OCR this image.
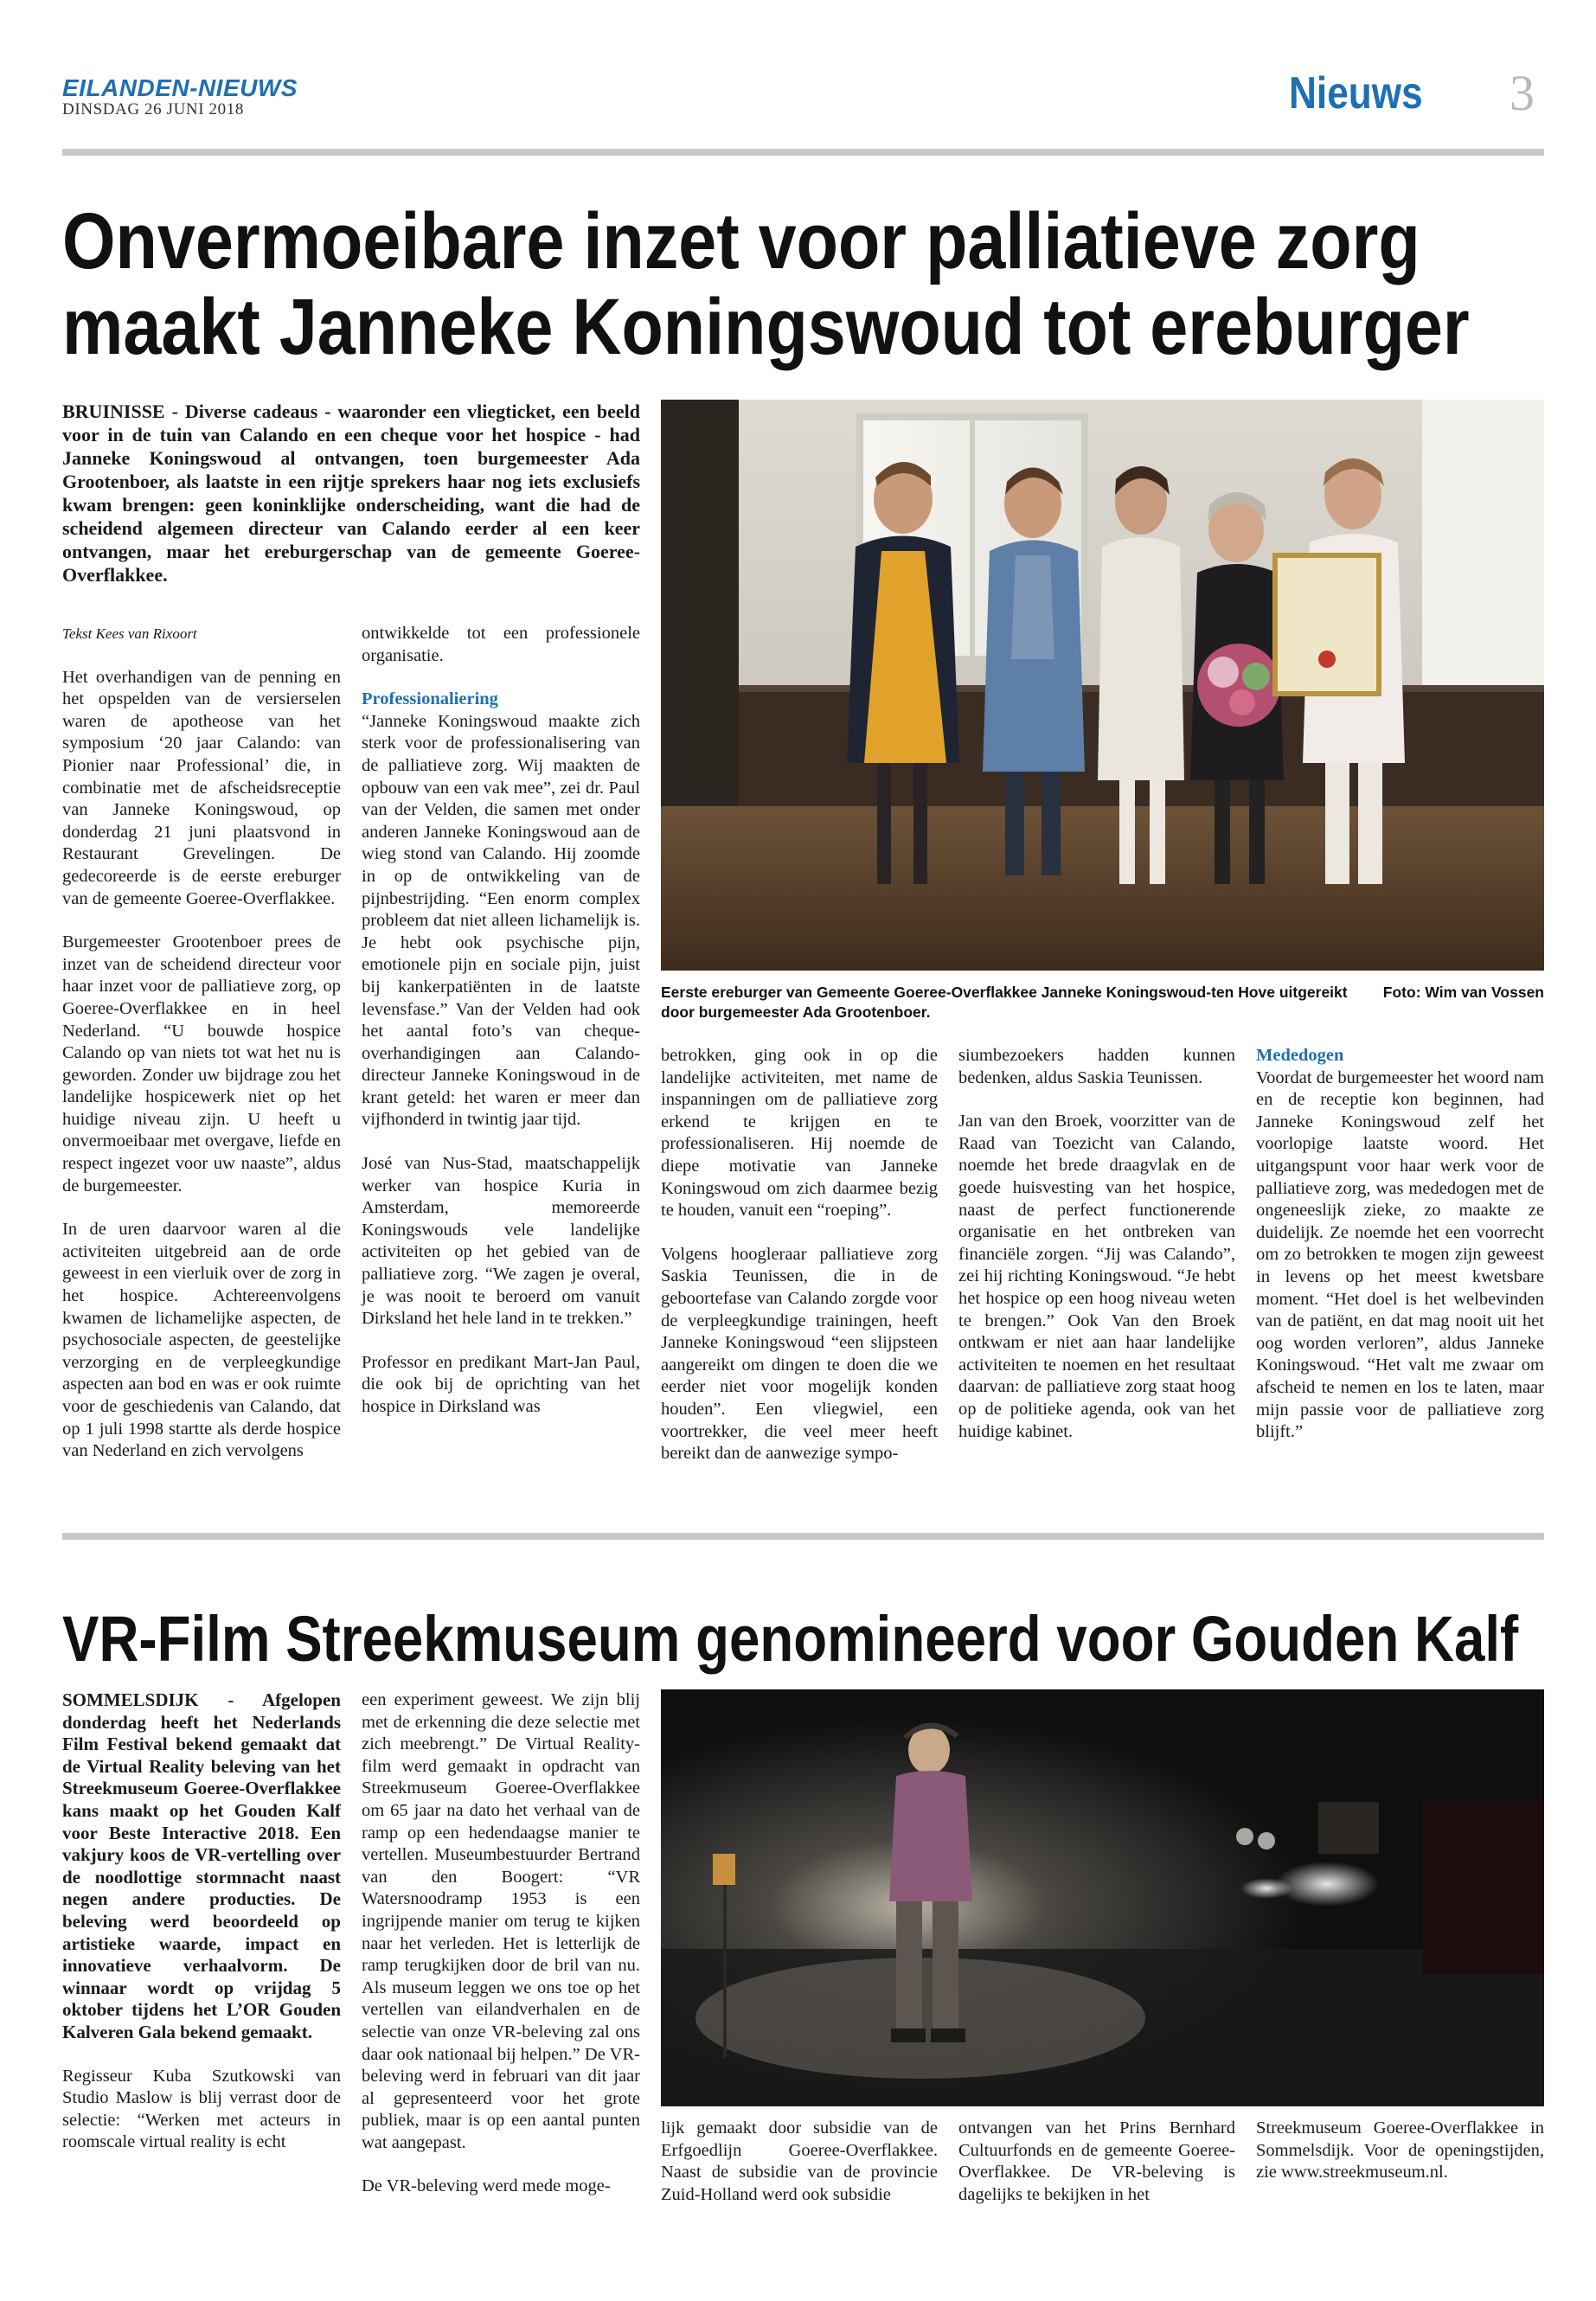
EILANDEN-NIEUWS
DINSDAG 26 JUNI 2018	Nieuws 3
Onvermoeibare inzet voor palliatieve zorg
maakt Janneke Koningswoud tot ereburger
BRUINISSE - Diverse cadeaus - waaronder een vliegticket, een beeld voor in de tuin van Calando en een cheque voor het hospice - had Janneke Koningswoud al ontvangen, toen burgemeester Ada Grootenboer, als laatste in een rijtje sprekers haar nog iets exclusiefs kwam brengen: geen koninklijke onderscheiding, want die had de scheidend algemeen directeur van Calando eerder al een keer ontvangen, maar het ereburgerschap van de gemeente Goeree-Overflakkee.

Tekst Kees van Rixoort

Het overhandigen van de penning en het opspelden van de versierselen waren de apotheose van het symposium ‘20 jaar Calando: van Pionier naar Professional’ die, in combinatie met de afscheidsreceptie van Janneke Koningswoud, op donderdag 21 juni plaatsvond in Restaurant Grevelingen. De gedecoreerde is de eerste ereburger van de gemeente Goeree-Overflakkee.

Burgemeester Grootenboer prees de inzet van de scheidend directeur voor haar inzet voor de palliatieve zorg, op Goeree-Overflakkee en in heel Nederland. “U bouwde hospice Calando op van niets tot wat het nu is geworden. Zonder uw bijdrage zou het landelijke hospicewerk niet op het huidige niveau zijn. U heeft u onvermoeibaar met overgave, liefde en respect ingezet voor uw naaste”, aldus de burgemeester.

In de uren daarvoor waren al die activiteiten uitgebreid aan de orde geweest in een vierluik over de zorg in het hospice. Achtereenvolgens kwamen de lichamelijke aspecten, de psychosociale aspecten, de geestelijke verzorging en de verpleegkundige aspecten aan bod en was er ook ruimte voor de geschiedenis van Calando, dat op 1 juli 1998 startte als derde hospice van Nederland en zich vervolgens

ontwikkelde tot een professionele organisatie.

Professionaliering

“Janneke Koningswoud maakte zich sterk voor de professionalisering van de palliatieve zorg. Wij maakten de opbouw van een vak mee”, zei dr. Paul van der Velden, die samen met onder anderen Janneke Koningswoud aan de wieg stond van Calando. Hij zoomde in op de ontwikkeling van de pijnbestrijding. “Een enorm complex probleem dat niet alleen lichamelijk is. Je hebt ook psychische pijn, emotionele pijn en sociale pijn, juist bij kankerpatiënten in de laatste levensfase.” Van der Velden had ook het aantal foto’s van cheque-overhandigingen aan Calando-directeur Janneke Koningswoud in de krant geteld: het waren er meer dan vijfhonderd in twintig jaar tijd.

José van Nus-Stad, maatschappelijk werker van hospice Kuria in Amsterdam, memoreerde Koningswouds vele landelijke activiteiten op het gebied van de palliatieve zorg. “We zagen je overal, je was nooit te beroerd om vanuit Dirksland het hele land in te trekken.”

Professor en predikant Mart-Jan Paul, die ook bij de oprichting van het hospice in Dirksland was

Eerste ereburger van Gemeente Goeree-Overflakkee Janneke Koningswoud-ten Hove uitgereikt door burgemeester Ada Grootenboer.
Foto: Wim van Vossen

betrokken, ging ook in op die landelijke activiteiten, met name de inspanningen om de palliatieve zorg erkend te krijgen en te professionaliseren. Hij noemde de diepe motivatie van Janneke Koningswoud om zich daarmee bezig te houden, vanuit een “roeping”.

Volgens hoogleraar palliatieve zorg Saskia Teunissen, die in de geboortefase van Calando zorgde voor de verpleegkundige trainingen, heeft Janneke Koningswoud “een slijpsteen aangereikt om dingen te doen die we eerder niet voor mogelijk konden houden”. Een vliegwiel, een voortrekker, die veel meer heeft bereikt dan de aanwezige sympo-

siumbezoekers hadden kunnen bedenken, aldus Saskia Teunissen.

Jan van den Broek, voorzitter van de Raad van Toezicht van Calando, noemde het brede draagvlak en de goede huisvesting van het hospice, naast de perfect functionerende organisatie en het ontbreken van financiële zorgen. “Jij was Calando”, zei hij richting Koningswoud. “Je hebt het hospice op een hoog niveau weten te brengen.” Ook Van den Broek ontkwam er niet aan haar landelijke activiteiten te noemen en het resultaat daarvan: de palliatieve zorg staat hoog op de politieke agenda, ook van het huidige kabinet.

Mededogen

Voordat de burgemeester het woord nam en de receptie kon beginnen, had Janneke Koningswoud zelf het voorlopige laatste woord. Het uitgangspunt voor haar werk voor de palliatieve zorg, was mededogen met de ongeneeslijk zieke, zo maakte ze duidelijk. Ze noemde het een voorrecht om zo betrokken te mogen zijn geweest in levens op het meest kwetsbare moment. “Het doel is het welbevinden van de patiënt, en dat mag nooit uit het oog worden verloren”, aldus Janneke Koningswoud. “Het valt me zwaar om afscheid te nemen en los te laten, maar mijn passie voor de palliatieve zorg blijft.”

VR-Film Streekmuseum genomineerd voor Gouden Kalf

SOMMELSDIJK - Afgelopen donderdag heeft het Nederlands Film Festival bekend gemaakt dat de Virtual Reality beleving van het Streekmuseum Goeree-Overflakkee kans maakt op het Gouden Kalf voor Beste Interactive 2018. Een vakjury koos de VR-vertelling over de noodlottige stormnacht naast negen andere producties. De beleving werd beoordeeld op artistieke waarde, impact en innovatieve verhaalvorm. De winnaar wordt op vrijdag 5 oktober tijdens het L’OR Gouden Kalveren Gala bekend gemaakt.

Regisseur Kuba Szutkowski van Studio Maslow is blij verrast door de selectie: “Werken met acteurs in roomscale virtual reality is echt

een experiment geweest. We zijn blij met de erkenning die deze selectie met zich meebrengt.” De Virtual Reality-film werd gemaakt in opdracht van Streekmuseum Goeree-Overflakkee om 65 jaar na dato het verhaal van de ramp op een hedendaagse manier te vertellen. Museumbestuurder Bertrand van den Boogert: “VR Watersnoodramp 1953 is een ingrijpende manier om terug te kijken naar het verleden. Het is letterlijk de ramp terugkijken door de bril van nu. Als museum leggen we ons toe op het vertellen van eilandverhalen en de selectie van onze VR-beleving zal ons daar ook nationaal bij helpen.” De VR-beleving werd in februari van dit jaar al gepresenteerd voor het grote publiek, maar is op een aantal punten wat aangepast.

De VR-beleving werd mede moge-

lijk gemaakt door subsidie van de Erfgoedlijn Goeree-Overflakkee. Naast de subsidie van de provincie Zuid-Holland werd ook subsidie

ontvangen van het Prins Bernhard Cultuurfonds en de gemeente Goeree-Overflakkee. De VR-beleving is dagelijks te bekijken in het

Streekmuseum Goeree-Overflakkee in Sommelsdijk. Voor de openingstijden, zie www.streekmuseum.nl.
